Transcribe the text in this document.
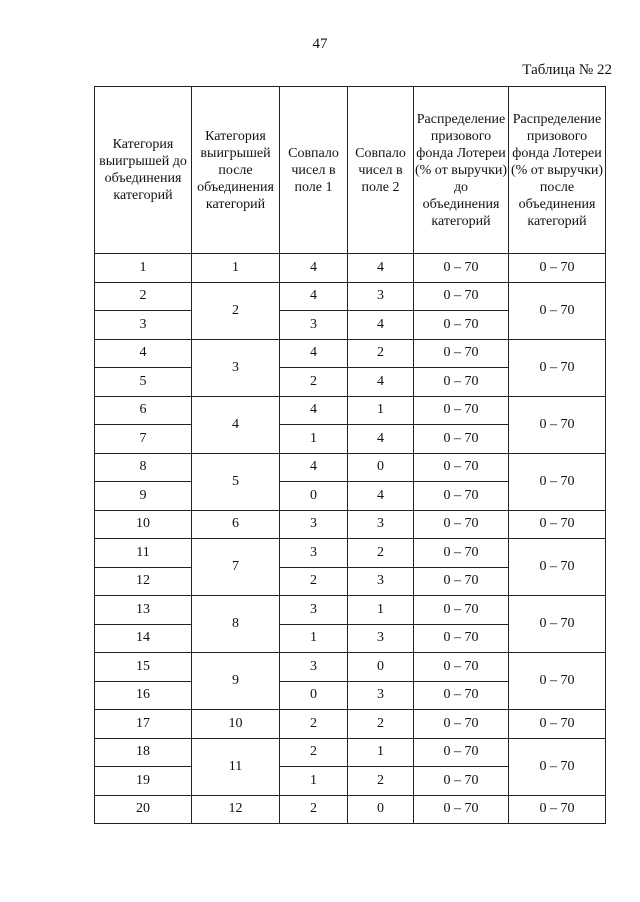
47
Таблица № 22
Категория выигрышей до объединения категорий	Категория выигрышей после объединения категорий	Совпало чисел в поле 1	Совпало чисел в поле 2	Распределение призового фонда Лотереи (% от выручки) до объединения категорий	Распределение призового фонда Лотереи (% от выручки) после объединения категорий
1	1	4	4	0 – 70	0 – 70
2	2	4	3	0 – 70	0 – 70
3		3	4	0 – 70	
4	3	4	2	0 – 70	0 – 70
5		2	4	0 – 70	
6	4	4	1	0 – 70	0 – 70
7		1	4	0 – 70	
8	5	4	0	0 – 70	0 – 70
9		0	4	0 – 70	
10	6	3	3	0 – 70	0 – 70
11	7	3	2	0 – 70	0 – 70
12		2	3	0 – 70	
13	8	3	1	0 – 70	0 – 70
14		1	3	0 – 70	
15	9	3	0	0 – 70	0 – 70
16		0	3	0 – 70	
17	10	2	2	0 – 70	0 – 70
18	11	2	1	0 – 70	0 – 70
19		1	2	0 – 70	
20	12	2	0	0 – 70	0 – 70
